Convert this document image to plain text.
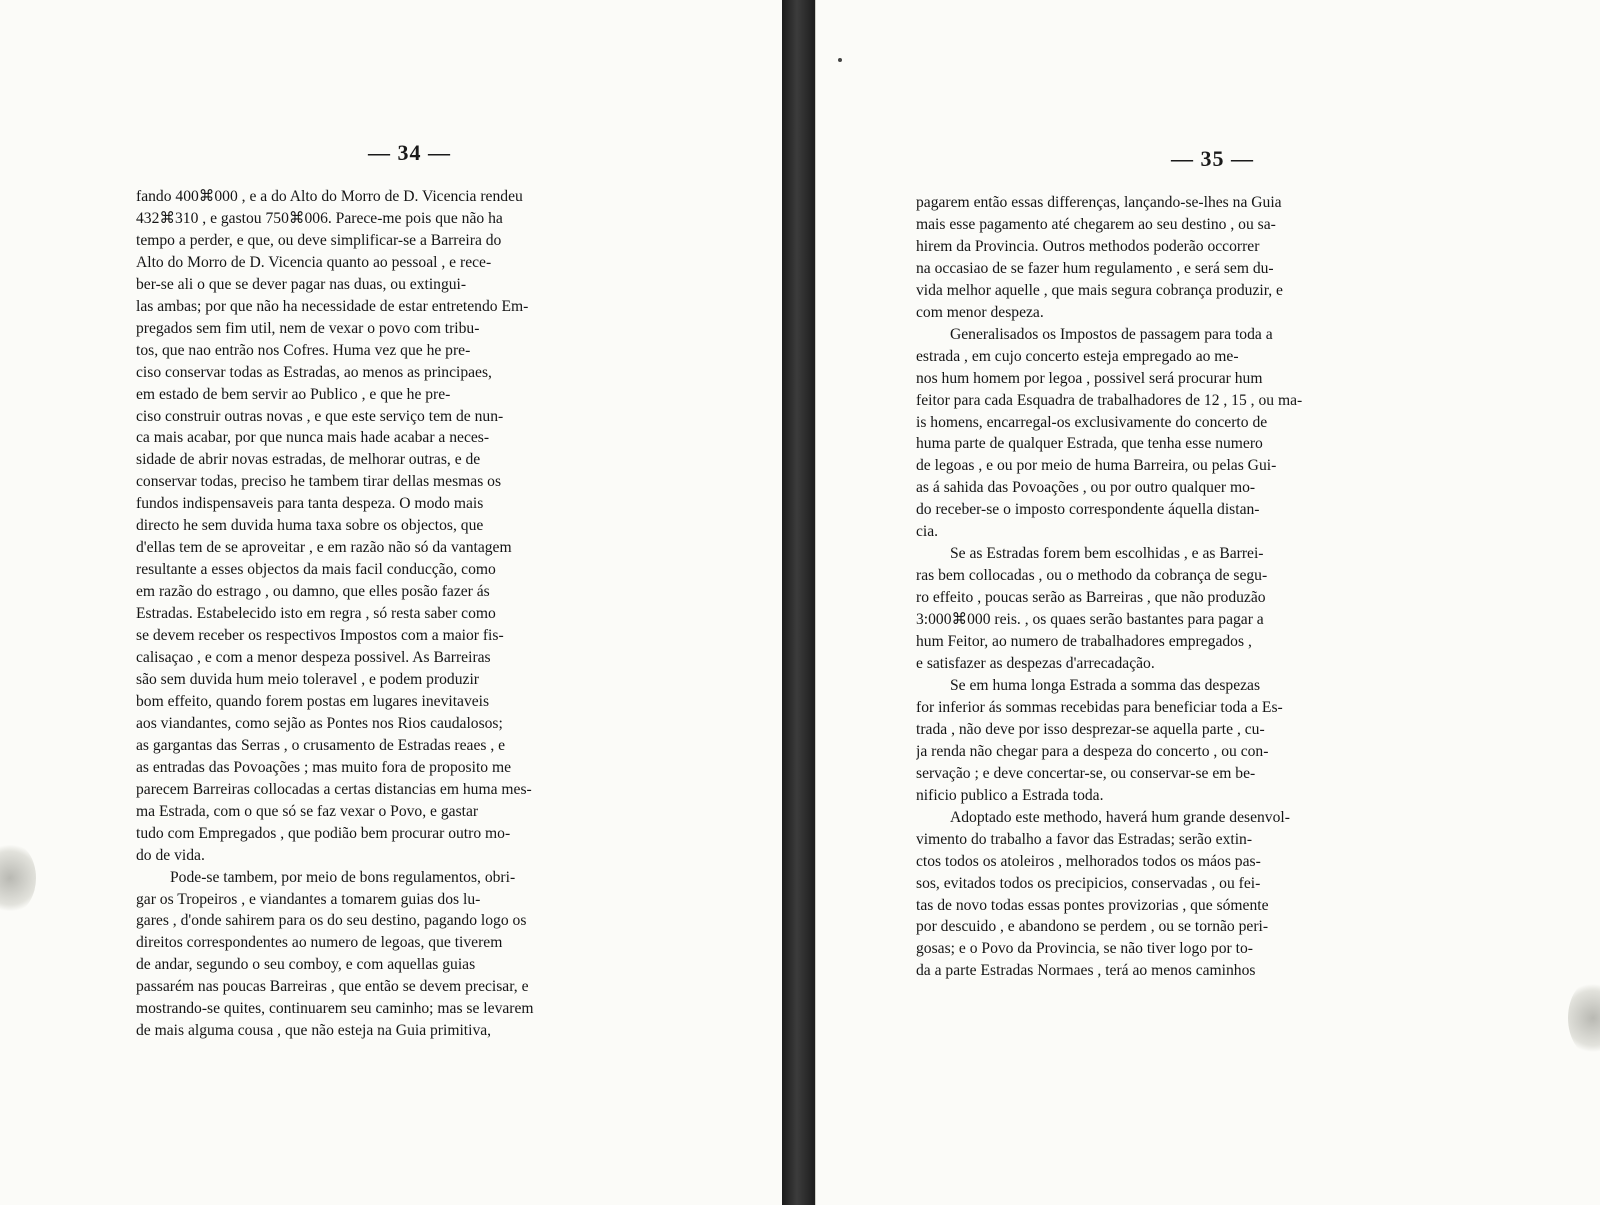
— 34 —
fando 400⌘000 , e a do Alto do Morro de D. Vicencia rendeu
432⌘310 , e gastou 750⌘006. Parece-me pois que não ha
tempo a perder, e que, ou deve simplificar-se a Barreira do
Alto do Morro de D. Vicencia quanto ao pessoal , e rece-
ber-se ali o que se dever pagar nas duas, ou extingui-
las ambas; por que não ha necessidade de estar entretendo Em-
pregados sem fim util, nem de vexar o povo com tribu-
tos, que nao entrão nos Cofres. Huma vez que he pre-
ciso conservar todas as Estradas, ao menos as principaes,
em estado de bem servir ao Publico , e que he pre-
ciso construir outras novas , e que este serviço tem de nun-
ca mais acabar, por que nunca mais hade acabar a neces-
sidade de abrir novas estradas, de melhorar outras, e de
conservar todas, preciso he tambem tirar dellas mesmas os
fundos indispensaveis para tanta despeza. O modo mais
directo he sem duvida huma taxa sobre os objectos, que
d'ellas tem de se aproveitar , e em razão não só da vantagem
resultante a esses objectos da mais facil conducção, como
em razão do estrago , ou damno, que elles posão fazer ás
Estradas. Estabelecido isto em regra , só resta saber como
se devem receber os respectivos Impostos com a maior fis-
calisaçao , e com a menor despeza possivel. As Barreiras
são sem duvida hum meio toleravel , e podem produzir
bom effeito, quando forem postas em lugares inevitaveis
aos viandantes, como sejão as Pontes nos Rios caudalosos;
as gargantas das Serras , o crusamento de Estradas reaes , e
as entradas das Povoações ; mas muito fora de proposito me
parecem Barreiras collocadas a certas distancias em huma mes-
ma Estrada, com o que só se faz vexar o Povo, e gastar
tudo com Empregados , que podião bem procurar outro mo-
do de vida.
Pode-se tambem, por meio de bons regulamentos, obri-
gar os Tropeiros , e viandantes a tomarem guias dos lu-
gares , d'onde sahirem para os do seu destino, pagando logo os
direitos correspondentes ao numero de legoas, que tiverem
de andar, segundo o seu comboy, e com aquellas guias
passarém nas poucas Barreiras , que então se devem precisar, e
mostrando-se quites, continuarem seu caminho; mas se levarem
de mais alguma cousa , que não esteja na Guia primitiva,
— 35 —
pagarem então essas differenças, lançando-se-lhes na Guia
mais esse pagamento até chegarem ao seu destino , ou sa-
hirem da Provincia. Outros methodos poderão occorrer
na occasiao de se fazer hum regulamento , e será sem du-
vida melhor aquelle , que mais segura cobrança produzir, e
com menor despeza.
Generalisados os Impostos de passagem para toda a
estrada , em cujo concerto esteja empregado ao me-
nos hum homem por legoa , possivel será procurar hum
feitor para cada Esquadra de trabalhadores de 12 , 15 , ou ma-
is homens, encarregal-os exclusivamente do concerto de
huma parte de qualquer Estrada, que tenha esse numero
de legoas , e ou por meio de huma Barreira, ou pelas Gui-
as á sahida das Povoações , ou por outro qualquer mo-
do receber-se o imposto correspondente áquella distan-
cia.
Se as Estradas forem bem escolhidas , e as Barrei-
ras bem collocadas , ou o methodo da cobrança de segu-
ro effeito , poucas serão as Barreiras , que não produzão
3:000⌘000 reis. , os quaes serão bastantes para pagar a
hum Feitor, ao numero de trabalhadores empregados ,
e satisfazer as despezas d'arrecadação.
Se em huma longa Estrada a somma das despezas
for inferior ás sommas recebidas para beneficiar toda a Es-
trada , não deve por isso desprezar-se aquella parte , cu-
ja renda não chegar para a despeza do concerto , ou con-
servação ; e deve concertar-se, ou conservar-se em be-
nificio publico a Estrada toda.
Adoptado este methodo, haverá hum grande desenvol-
vimento do trabalho a favor das Estradas; serão extin-
ctos todos os atoleiros , melhorados todos os máos pas-
sos, evitados todos os precipicios, conservadas , ou fei-
tas de novo todas essas pontes provizorias , que sómente
por descuido , e abandono se perdem , ou se tornão peri-
gosas; e o Povo da Provincia, se não tiver logo por to-
da a parte Estradas Normaes , terá ao menos caminhos
